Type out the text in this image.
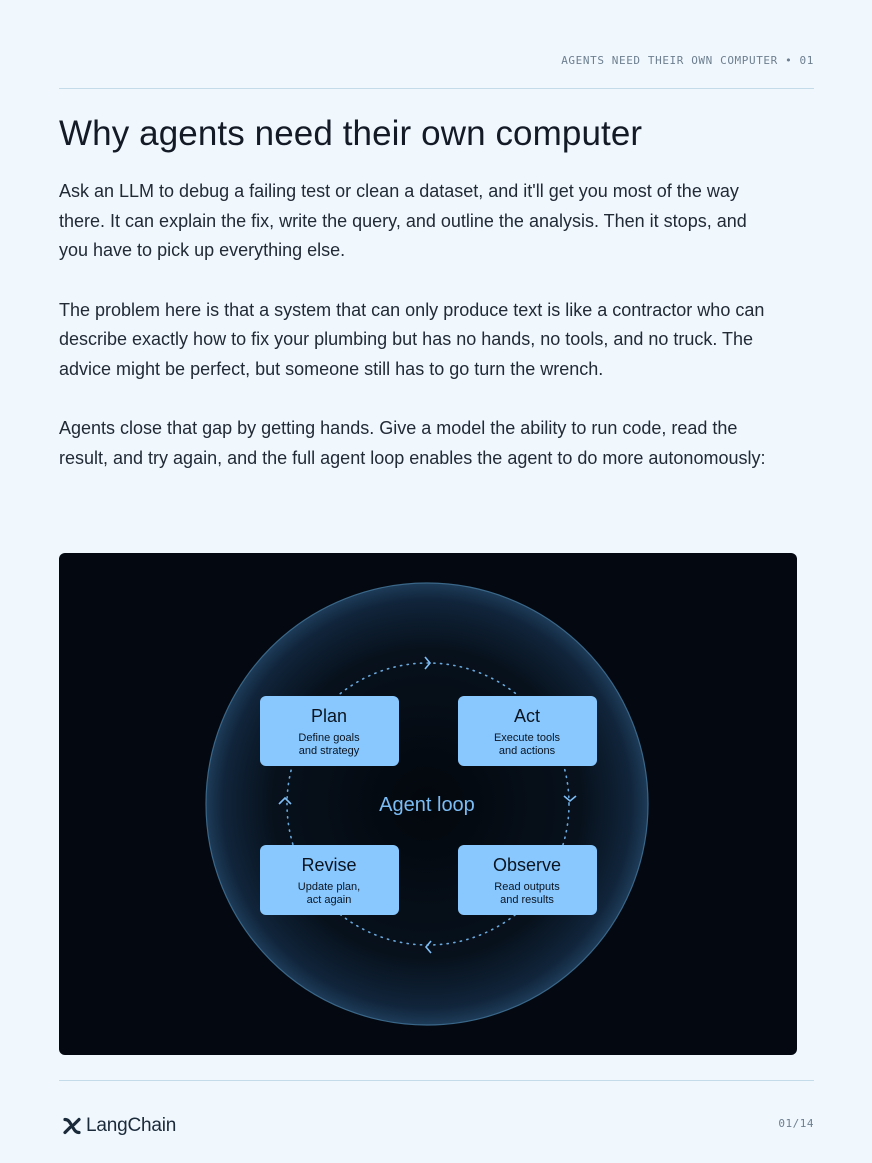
AGENTS NEED THEIR OWN COMPUTER • 01
Why agents need their own computer

Ask an LLM to debug a failing test or clean a dataset, and it'll get you most of the way there. It can explain the fix, write the query, and outline the analysis. Then it stops, and you have to pick up everything else.

The problem here is that a system that can only produce text is like a contractor who can describe exactly how to fix your plumbing but has no hands, no tools, and no truck. The advice might be perfect, but someone still has to go turn the wrench.

Agents close that gap by getting hands. Give a model the ability to run code, read the result, and try again, and the full agent loop enables the agent to do more autonomously:

Agent loop
Plan
Define goals
and strategy
Act
Execute tools
and actions
Revise
Update plan,
act again
Observe
Read outputs
and results
LangChain	01/14
